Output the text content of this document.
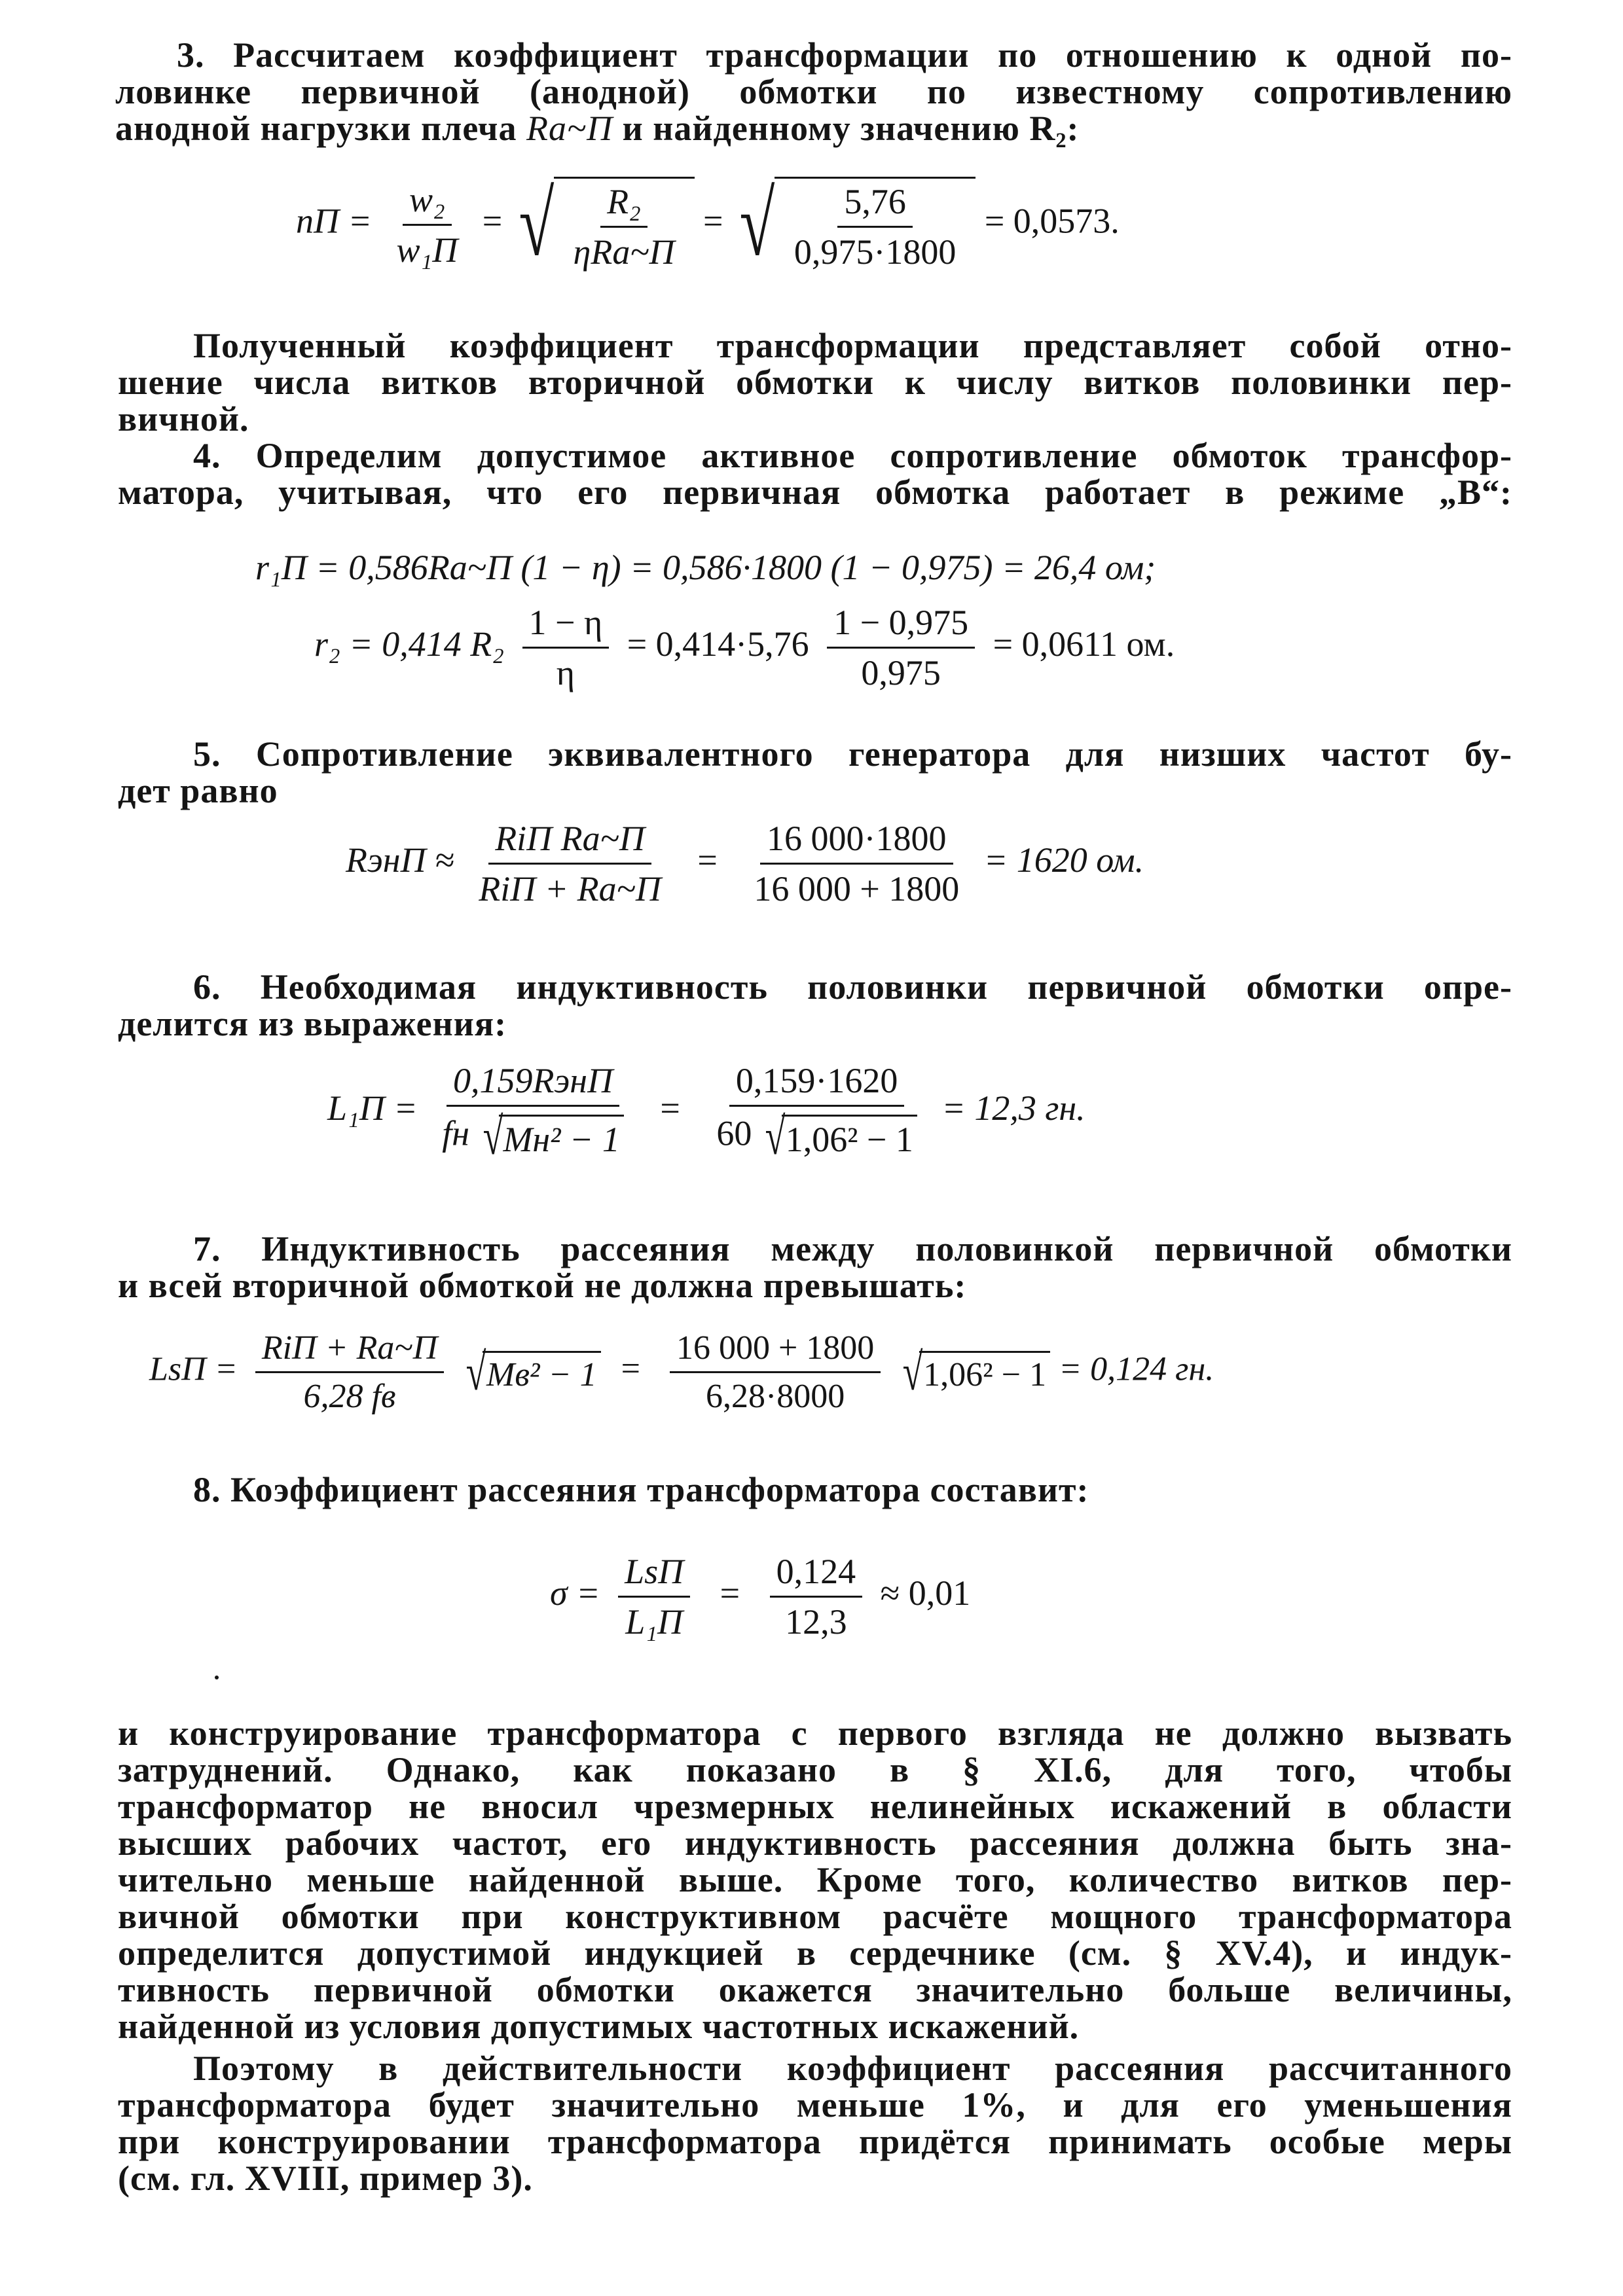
3. Рассчитаем коэффициент трансформации по отношению к одной по-
ловинке первичной (анодной) обмотки по известному сопротивлению
анодной нагрузки плеча Ra~П и найденному значению R₂:

nП = $\frac{\text{w₂}}{\text{w₁П}}$ = √ $\frac{\text{R₂}}{\text{ηRa\textasciitilde{}П}}$ = √ $\frac{5,76}{0,975\cdot 1800} = 0,0573$.

Полученный коэффициент трансформации представляет собой отно-
шение числа витков вторичной обмотки к числу витков половинки пер-
вичной.

4. Определим допустимое активное сопротивление обмоток трансфор-
матора, учитывая, что его первичная обмотка работает в режиме „В“:

r₁П = 0,586Ra~П (1 − η) = 0,586·1800 (1 − 0,975) = 26,4 ом;
r₂ = 0,414 $R_2 \frac{1 - \eta}{\eta} = 0,414\cdot 5,76 \frac{1 - 0,975}{0,975} = 0,0611$ ом.

5. Сопротивление эквивалентного генератора для низших частот бу-
дет равно

RэнП ≈ $\frac{\text{RiП Ra\textasciitilde{}П}}{\text{RiП + Ra\textasciitilde{}П}} = \frac{16 000\cdot 1800}{16 000 + 1800} = 1620$ ом.

6. Необходимая индуктивность половинки первичной обмотки опре-
делится из выражения:

$L_1П = \frac{\text{0,159RэнП}}{\text{fн √ Mн² − 1}} = \frac{0,159\cdot 1620}{\text{60 √ 1,06² − 1}} = 12,3$ гн.

7. Индуктивность рассеяния между половинкой первичной обмотки
и всей вторичной обмоткой не должна превышать:

LsП = $\frac{\text{RiП + Ra\textasciitilde{}П}}{6,28 fв}$
√ $Mв^2 - 1 = \frac{16 000 + 1800}{6,28\cdot 8000}$
√ 1,06² − 1 = 0,124 гн.

8. Коэффициент рассеяния трансформатора составит:

$\sigma = \frac{\text{LsП}}{\text{L₁П}} = \frac{0,124}{12,3} \approx 0,01$

и конструирование трансформатора с первого взгляда не должно вызвать
затруднений. Однако, как показано в § XI.6, для того, чтобы
трансформатор не вносил чрезмерных нелинейных искажений в области
высших рабочих частот, его индуктивность рассеяния должна быть зна-
чительно меньше найденной выше. Кроме того, количество витков пер-
вичной обмотки при конструктивном расчёте мощного трансформатора
определится допустимой индукцией в сердечнике (см. § XV.4), и индук-
тивность первичной обмотки окажется значительно больше величины,
найденной из условия допустимых частотных искажений.

Поэтому в действительности коэффициент рассеяния рассчитанного
трансформатора будет значительно меньше 1%, и для его уменьшения
при конструировании трансформатора придётся принимать особые меры
(см. гл. XVIII, пример 3).
